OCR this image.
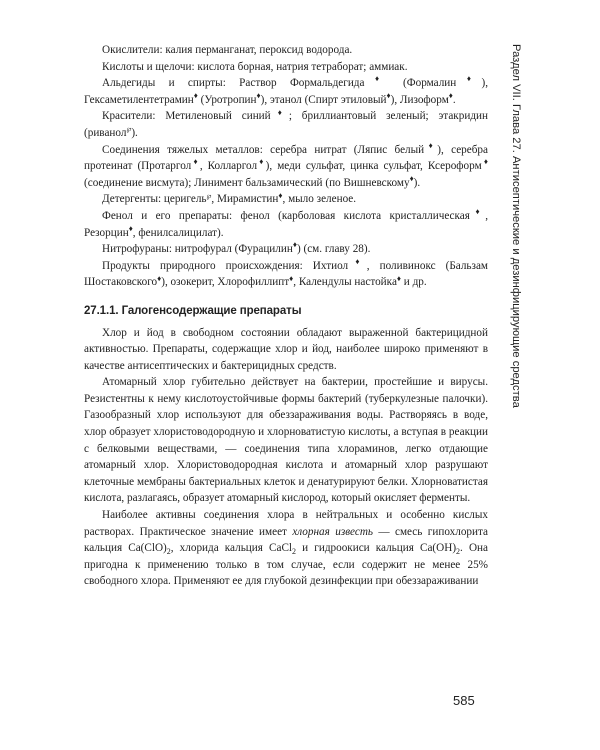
Окислители: калия перманганат, пероксид водорода.

Кислоты и щелочи: кислота борная, натрия тетраборат; аммиак.

Альдегиды и спирты: Раствор Формальдегида ♦ (Формалин ♦ ), Гексаметилентетрамин ♦ (Уротропин ♦ ), этанол (Спирт этиловый ♦ ), Лизоформ ♦ .

Красители: Метиленовый синий ♦ ; бриллиантовый зеленый; этакридин (риванол ℘ ).

Соединения тяжелых металлов: серебра нитрат (Ляпис белый ♦ ), серебра протеинат (Протаргол ♦ , Колларгол ♦ ), меди сульфат, цинка сульфат, Ксероформ ♦ (соединение висмута); Линимент бальзамический (по Вишневскому ♦ ).

Детергенты: церигель ℘ , Мирамистин ♦ , мыло зеленое.

Фенол и его препараты: фенол (карболовая кислота кристаллическая ♦ , Резорцин ♦ , фенилсалицилат).

Нитрофураны: нитрофурал (Фурацилин ♦ ) (см. главу 28).

Продукты природного происхождения: Ихтиол ♦ , поливинокс (Бальзам Шостаковского ♦ ), озокерит, Хлорофиллипт ♦ , Календулы настойка ♦ и др.

27.1.1. Галогенсодержащие препараты

Хлор и йод в свободном состоянии обладают выраженной бактерицидной активностью. Препараты, содержащие хлор и йод, наиболее широко применяют в качестве антисептических и бактерицидных средств.

Атомарный хлор губительно действует на бактерии, простейшие и вирусы. Резистентны к нему кислотоустойчивые формы бактерий (туберкулезные палочки). Газообразный хлор используют для обеззараживания воды. Растворяясь в воде, хлор образует хлористоводородную и хлорноватистую кислоты, а вступая в реакции с белковыми веществами, — соединения типа хлораминов, легко отдающие атомарный хлор. Хлористоводородная кислота и атомарный хлор разрушают клеточные мембраны бактериальных клеток и денатурируют белки. Хлорноватистая кислота, разлагаясь, образует атомарный кислород, который окисляет ферменты.

Наиболее активны соединения хлора в нейтральных и особенно кислых растворах. Практическое значение имеет хлорная известь — смесь гипохлорита кальция $Ca(ClO)_2$, хлорида кальция CaCl$_2$ и гидроокиси кальция $Ca(OH)_2$. Она пригодна к применению только в том случае, если содержит не менее 25% свободного хлора. Применяют ее для глубокой дезинфекции при обеззараживании

Раздел VII. Глава 27. Антисептические и дезинфицирующие средства
585
